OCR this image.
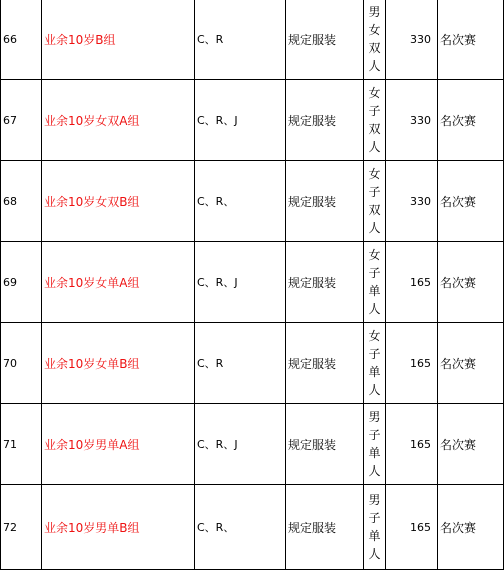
66	业余10岁B组	C、R	规定服装	男女双人	330	名次赛
67	业余10岁女双A组	C、R、J	规定服装	女子双人	330	名次赛
68	业余10岁女双B组	C、R、	规定服装	女子双人	330	名次赛
69	业余10岁女单A组	C、R、J	规定服装	女子单人	165	名次赛
70	业余10岁女单B组	C、R	规定服装	女子单人	165	名次赛
71	业余10岁男单A组	C、R、J	规定服装	男子单人	165	名次赛
72	业余10岁男单B组	C、R、	规定服装	男子单人	165	名次赛
